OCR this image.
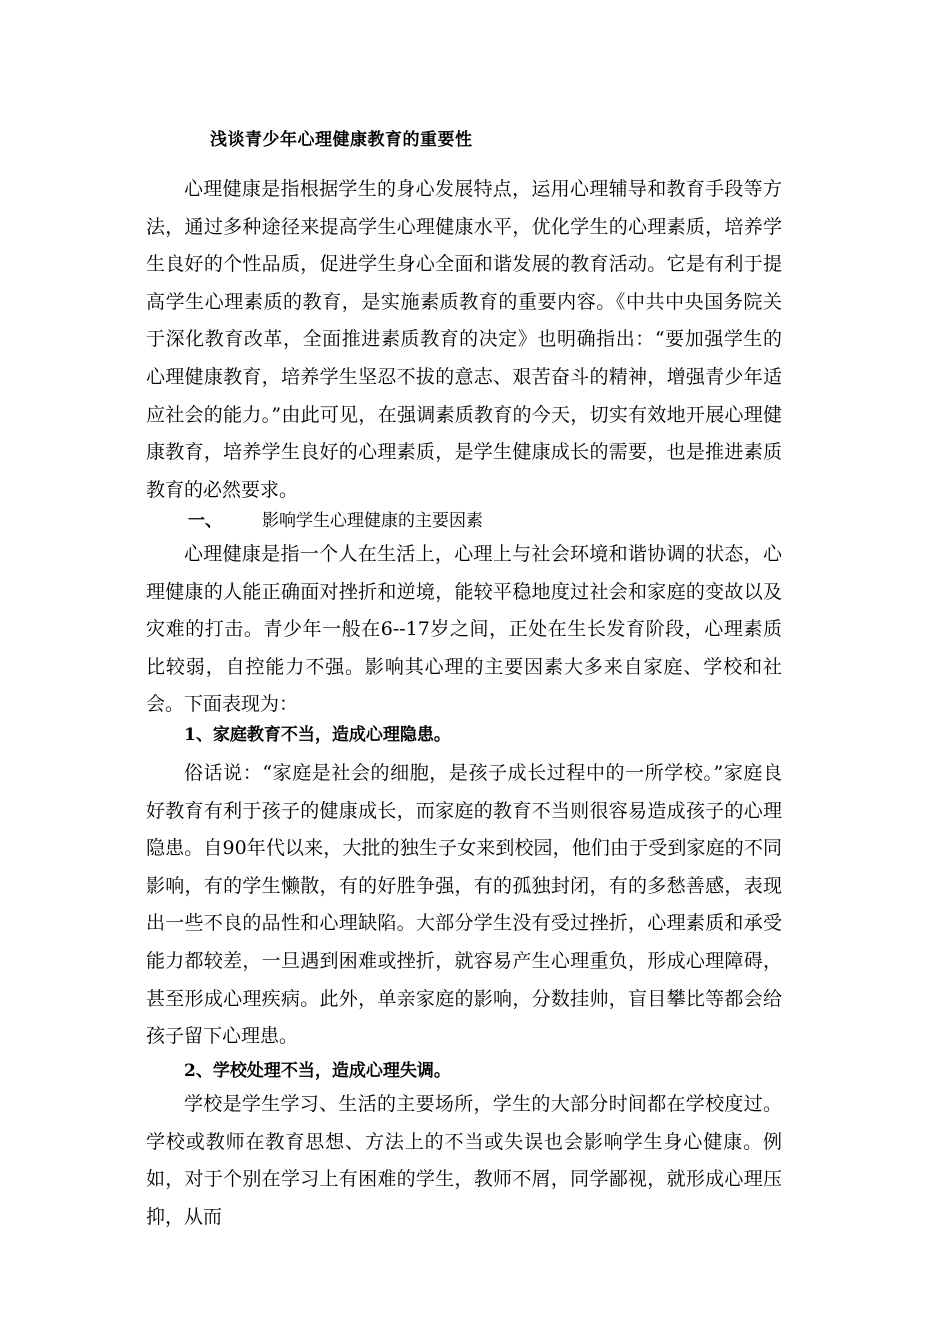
浅谈青少年心理健康教育的重要性

心理健康是指根据学生的身心发展特点，运用心理辅导和教育手段等方法，通过多种途径来提高学生心理健康水平，优化学生的心理素质，培养学生良好的个性品质，促进学生身心全面和谐发展的教育活动。它是有利于提高学生心理素质的教育，是实施素质教育的重要内容。《中共中央国务院关于深化教育改革，全面推进素质教育的决定》也明确指出：“要加强学生的心理健康教育，培养学生坚忍不拔的意志、艰苦奋斗的精神，增强青少年适应社会的能力。”由此可见，在强调素质教育的今天，切实有效地开展心理健康教育，培养学生良好的心理素质，是学生健康成长的需要，也是推进素质教育的必然要求。

一、 影响学生心理健康的主要因素

心理健康是指一个人在生活上，心理上与社会环境和谐协调的状态，心理健康的人能正确面对挫折和逆境，能较平稳地度过社会和家庭的变故以及灾难的打击。青少年一般在6--17岁之间，正处在生长发育阶段，心理素质比较弱，自控能力不强。影响其心理的主要因素大多来自家庭、学校和社会。下面表现为：

1、家庭教育不当，造成心理隐患。

俗话说：“家庭是社会的细胞，是孩子成长过程中的一所学校。”家庭良好教育有利于孩子的健康成长，而家庭的教育不当则很容易造成孩子的心理隐患。自90年代以来，大批的独生子女来到校园，他们由于受到家庭的不同影响，有的学生懒散，有的好胜争强，有的孤独封闭，有的多愁善感，表现出一些不良的品性和心理缺陷。大部分学生没有受过挫折，心理素质和承受能力都较差，一旦遇到困难或挫折，就容易产生心理重负，形成心理障碍，甚至形成心理疾病。此外，单亲家庭的影响，分数挂帅，盲目攀比等都会给孩子留下心理患。

2、学校处理不当，造成心理失调。

学校是学生学习、生活的主要场所，学生的大部分时间都在学校度过。学校或教师在教育思想、方法上的不当或失误也会影响学生身心健康。例如，对于个别在学习上有困难的学生，教师不屑，同学鄙视，就形成心理压抑，从而
